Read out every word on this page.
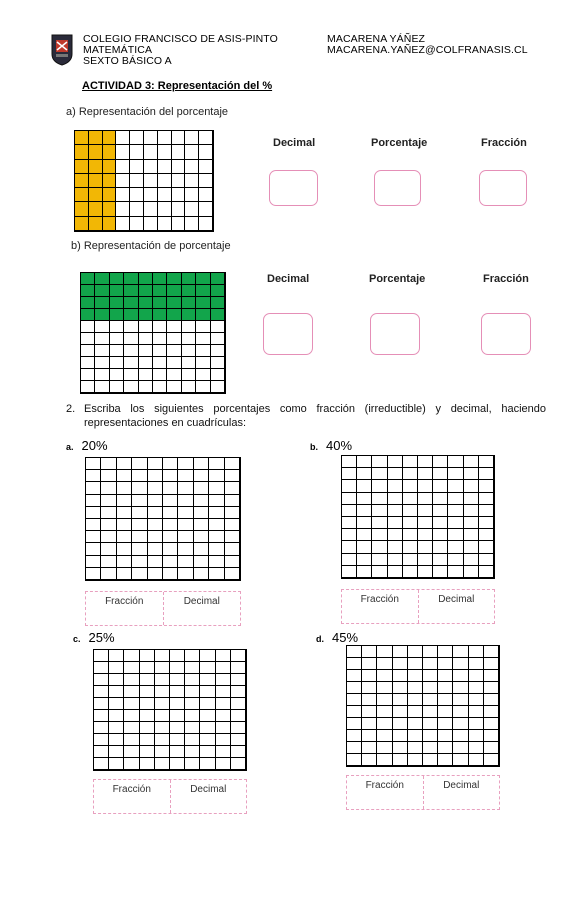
COLEGIO FRANCISCO DE ASIS-PINTO
MATEMÁTICA
SEXTO BÁSICO A
MACARENA YÁÑEZ
MACARENA.YAÑEZ@COLFRANASIS.CL
ACTIVIDAD 3: Representación del %
a) Representación del porcentaje
Decimal	Porcentaje	Fracción
b) Representación de porcentaje
Decimal	Porcentaje	Fracción
2. Escriba los siguientes porcentajes como fracción (irreductible) y decimal, haciendo representaciones en cuadrículas:
a. 20%
Fracción	Decimal
b. 40%
Fracción	Decimal
c. 25%
Fracción	Decimal
d. 45%
Fracción	Decimal
